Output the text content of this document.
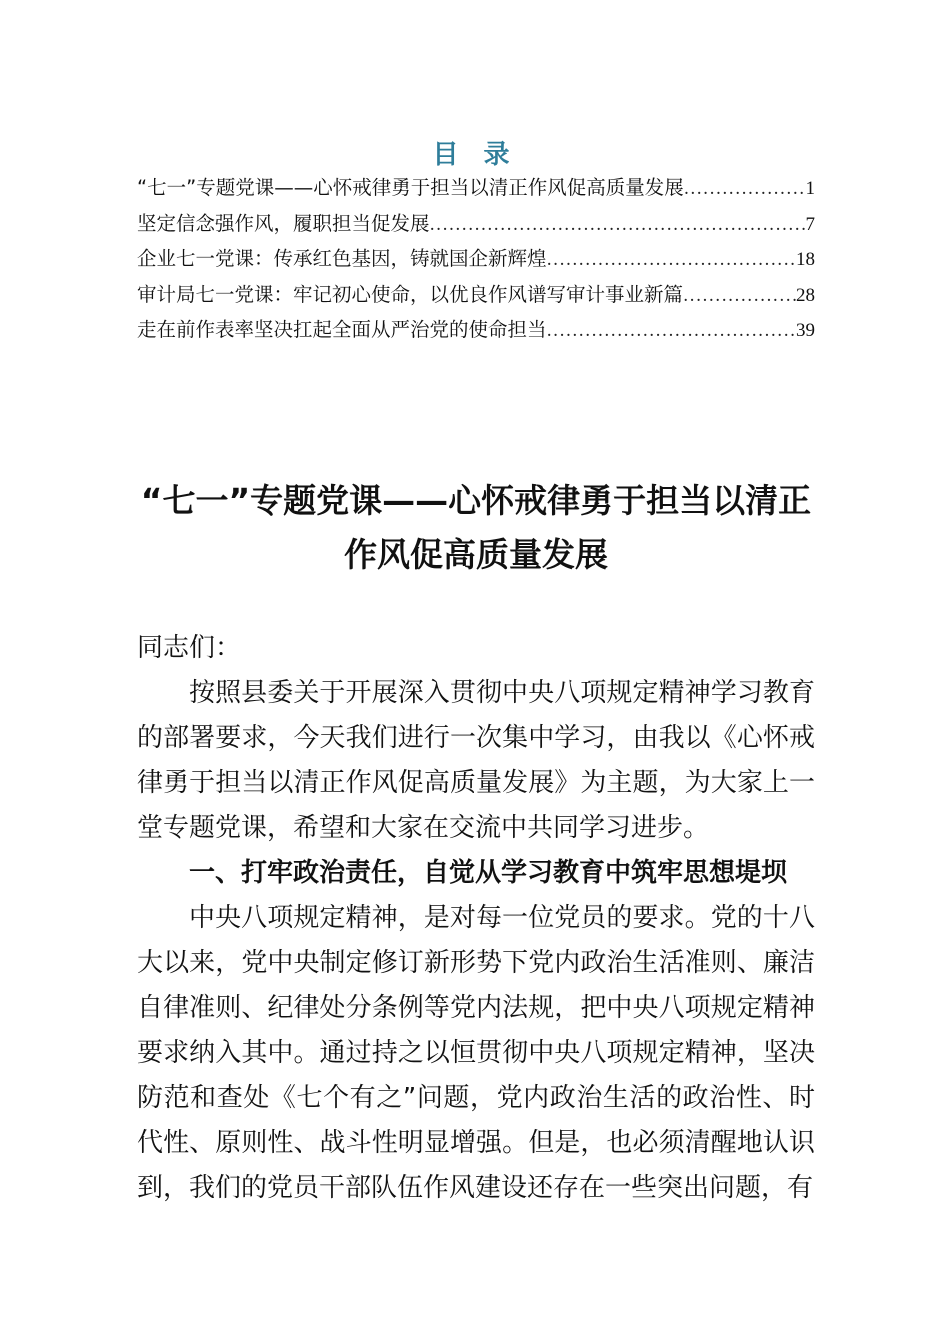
目 录
“七一”专题党课——心怀戒律勇于担当以清正作风促高质量发展 .....	1
坚定信念强作风，履职担当促发展 .....	7
企业七一党课：传承红色基因，铸就国企新辉煌 .....	18
审计局七一党课：牢记初心使命，以优良作风谱写审计事业新篇 .....	28
走在前作表率坚决扛起全面从严治党的使命担当 .....	39
“七一”专题党课——心怀戒律勇于担当以清正作风促高质量发展

同志们：

按照县委关于开展深入贯彻中央八项规定精神学习教育的部署要求，今天我们进行一次集中学习，由我以《心怀戒律勇于担当以清正作风促高质量发展》为主题，为大家上一堂专题党课，希望和大家在交流中共同学习进步。

一、打牢政治责任，自觉从学习教育中筑牢思想堤坝

中央八项规定精神，是对每一位党员的要求。党的十八大以来，党中央制定修订新形势下党内政治生活准则、廉洁自律准则、纪律处分条例等党内法规，把中央八项规定精神要求纳入其中。通过持之以恒贯彻中央八项规定精神，坚决防范和查处《七个有之”问题，党内政治生活的政治性、时代性、原则性、战斗性明显增强。但是，也必须清醒地认识到，我们的党员干部队伍作风建设还存在一些突出问题，有
